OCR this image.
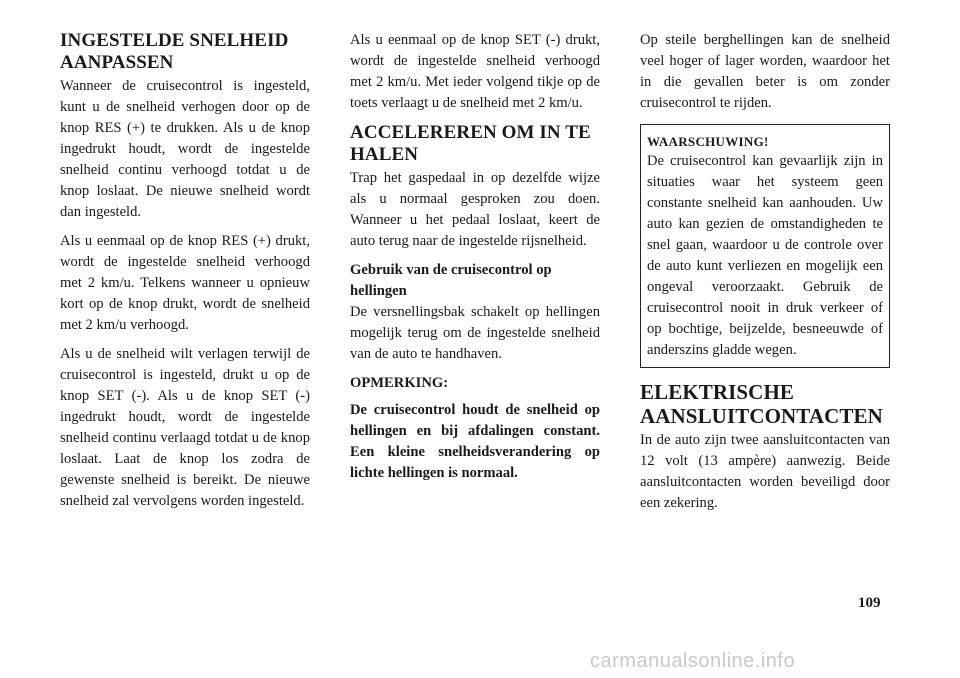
INGESTELDE SNELHEID AANPASSEN

Wanneer de cruisecontrol is ingesteld, kunt u de snelheid verhogen door op de knop RES (+) te drukken. Als u de knop ingedrukt houdt, wordt de ingestelde snelheid continu verhoogd totdat u de knop loslaat. De nieuwe snelheid wordt dan ingesteld.

Als u eenmaal op de knop RES (+) drukt, wordt de ingestelde snelheid verhoogd met 2 km/u. Telkens wanneer u opnieuw kort op de knop drukt, wordt de snelheid met 2 km/u verhoogd.

Als u de snelheid wilt verlagen terwijl de cruisecontrol is ingesteld, drukt u op de knop SET (-). Als u de knop SET (-) ingedrukt houdt, wordt de ingestelde snelheid continu verlaagd totdat u de knop loslaat. Laat de knop los zodra de gewenste snelheid is bereikt. De nieuwe snelheid zal vervolgens worden ingesteld.

Als u eenmaal op de knop SET (-) drukt, wordt de ingestelde snelheid verhoogd met 2 km/u. Met ieder volgend tikje op de toets verlaagt u de snelheid met 2 km/u.

ACCELEREREN OM IN TE HALEN

Trap het gaspedaal in op dezelfde wijze als u normaal gesproken zou doen. Wanneer u het pedaal loslaat, keert de auto terug naar de ingestelde rijsnelheid.

Gebruik van de cruisecontrol op hellingen

De versnellingsbak schakelt op hellingen mogelijk terug om de ingestelde snelheid van de auto te handhaven.

OPMERKING:

De cruisecontrol houdt de snelheid op hellingen en bij afdalingen constant. Een kleine snelheidsverandering op lichte hellingen is normaal.

Op steile berghellingen kan de snelheid veel hoger of lager worden, waardoor het in die gevallen beter is om zonder cruisecontrol te rijden.

WAARSCHUWING!

De cruisecontrol kan gevaarlijk zijn in situaties waar het systeem geen constante snelheid kan aanhouden. Uw auto kan gezien de omstandigheden te snel gaan, waardoor u de controle over de auto kunt verliezen en mogelijk een ongeval veroorzaakt. Gebruik de cruisecontrol nooit in druk verkeer of op bochtige, beijzelde, besneeuwde of anderszins gladde wegen.

ELEKTRISCHE AANSLUITCONTACTEN

In de auto zijn twee aansluitcontacten van 12 volt (13 ampère) aanwezig. Beide aansluitcontacten worden beveiligd door een zekering.

109
carmanualsonline.info
